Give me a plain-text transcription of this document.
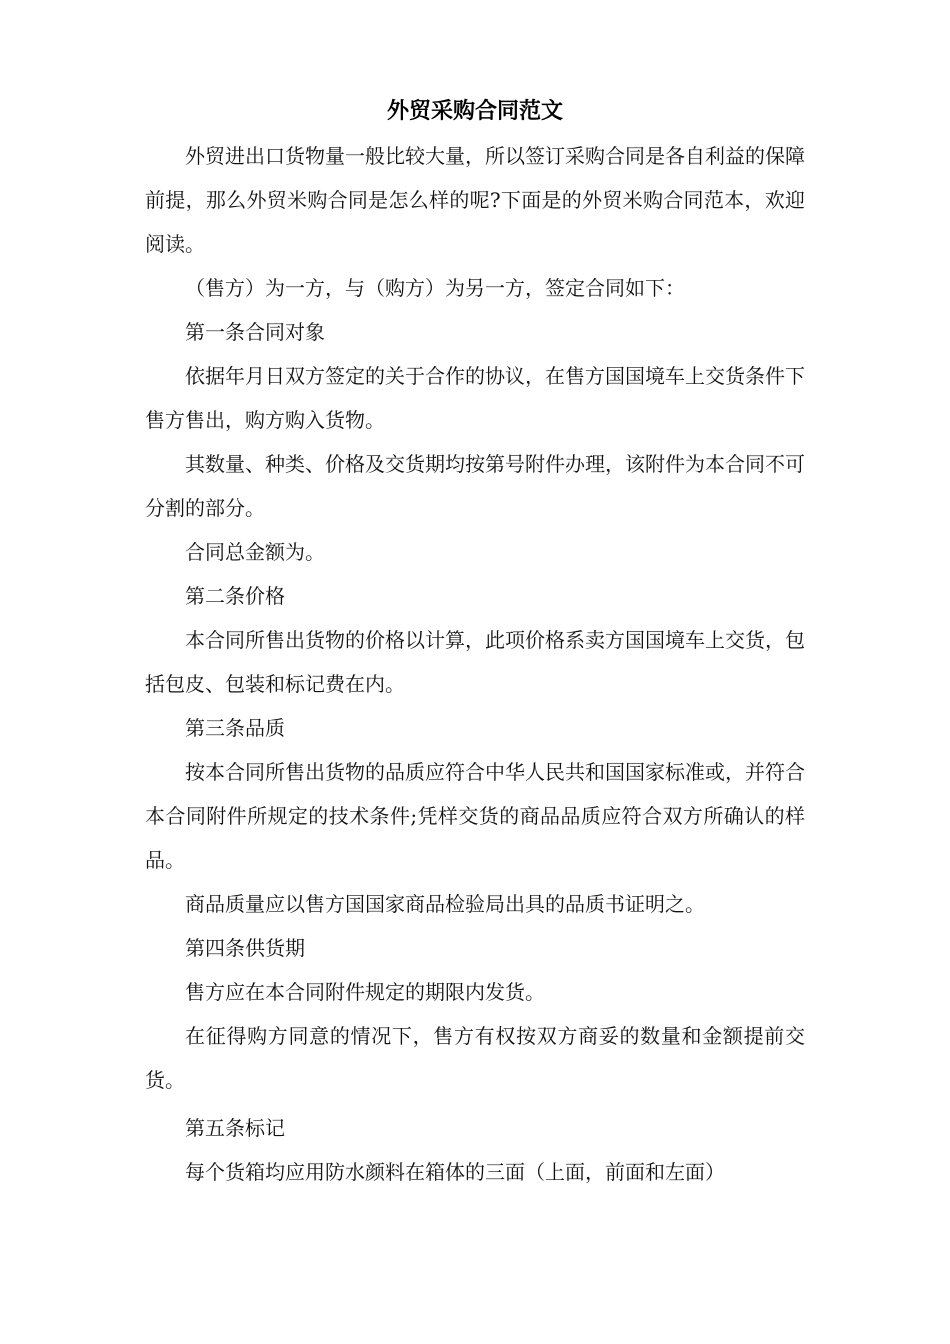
外贸采购合同范文

外贸进出口货物量一般比较大量，所以签订采购合同是各自利益的保障前提，那么外贸米购合同是怎么样的呢?下面是的外贸米购合同范本，欢迎阅读。

（售方）为一方，与（购方）为另一方，签定合同如下：

第一条合同对象

依据年月日双方签定的关于合作的协议，在售方国国境车上交货条件下售方售出，购方购入货物。

其数量、种类、价格及交货期均按第号附件办理，该附件为本合同不可分割的部分。

合同总金额为。

第二条价格

本合同所售出货物的价格以计算，此项价格系卖方国国境车上交货，包括包皮、包装和标记费在内。

第三条品质

按本合同所售出货物的品质应符合中华人民共和国国家标准或，并符合本合同附件所规定的技术条件;凭样交货的商品品质应符合双方所确认的样品。

商品质量应以售方国国家商品检验局出具的品质书证明之。

第四条供货期

售方应在本合同附件规定的期限内发货。

在征得购方同意的情况下，售方有权按双方商妥的数量和金额提前交货。

第五条标记

每个货箱均应用防水颜料在箱体的三面（上面，前面和左面）
